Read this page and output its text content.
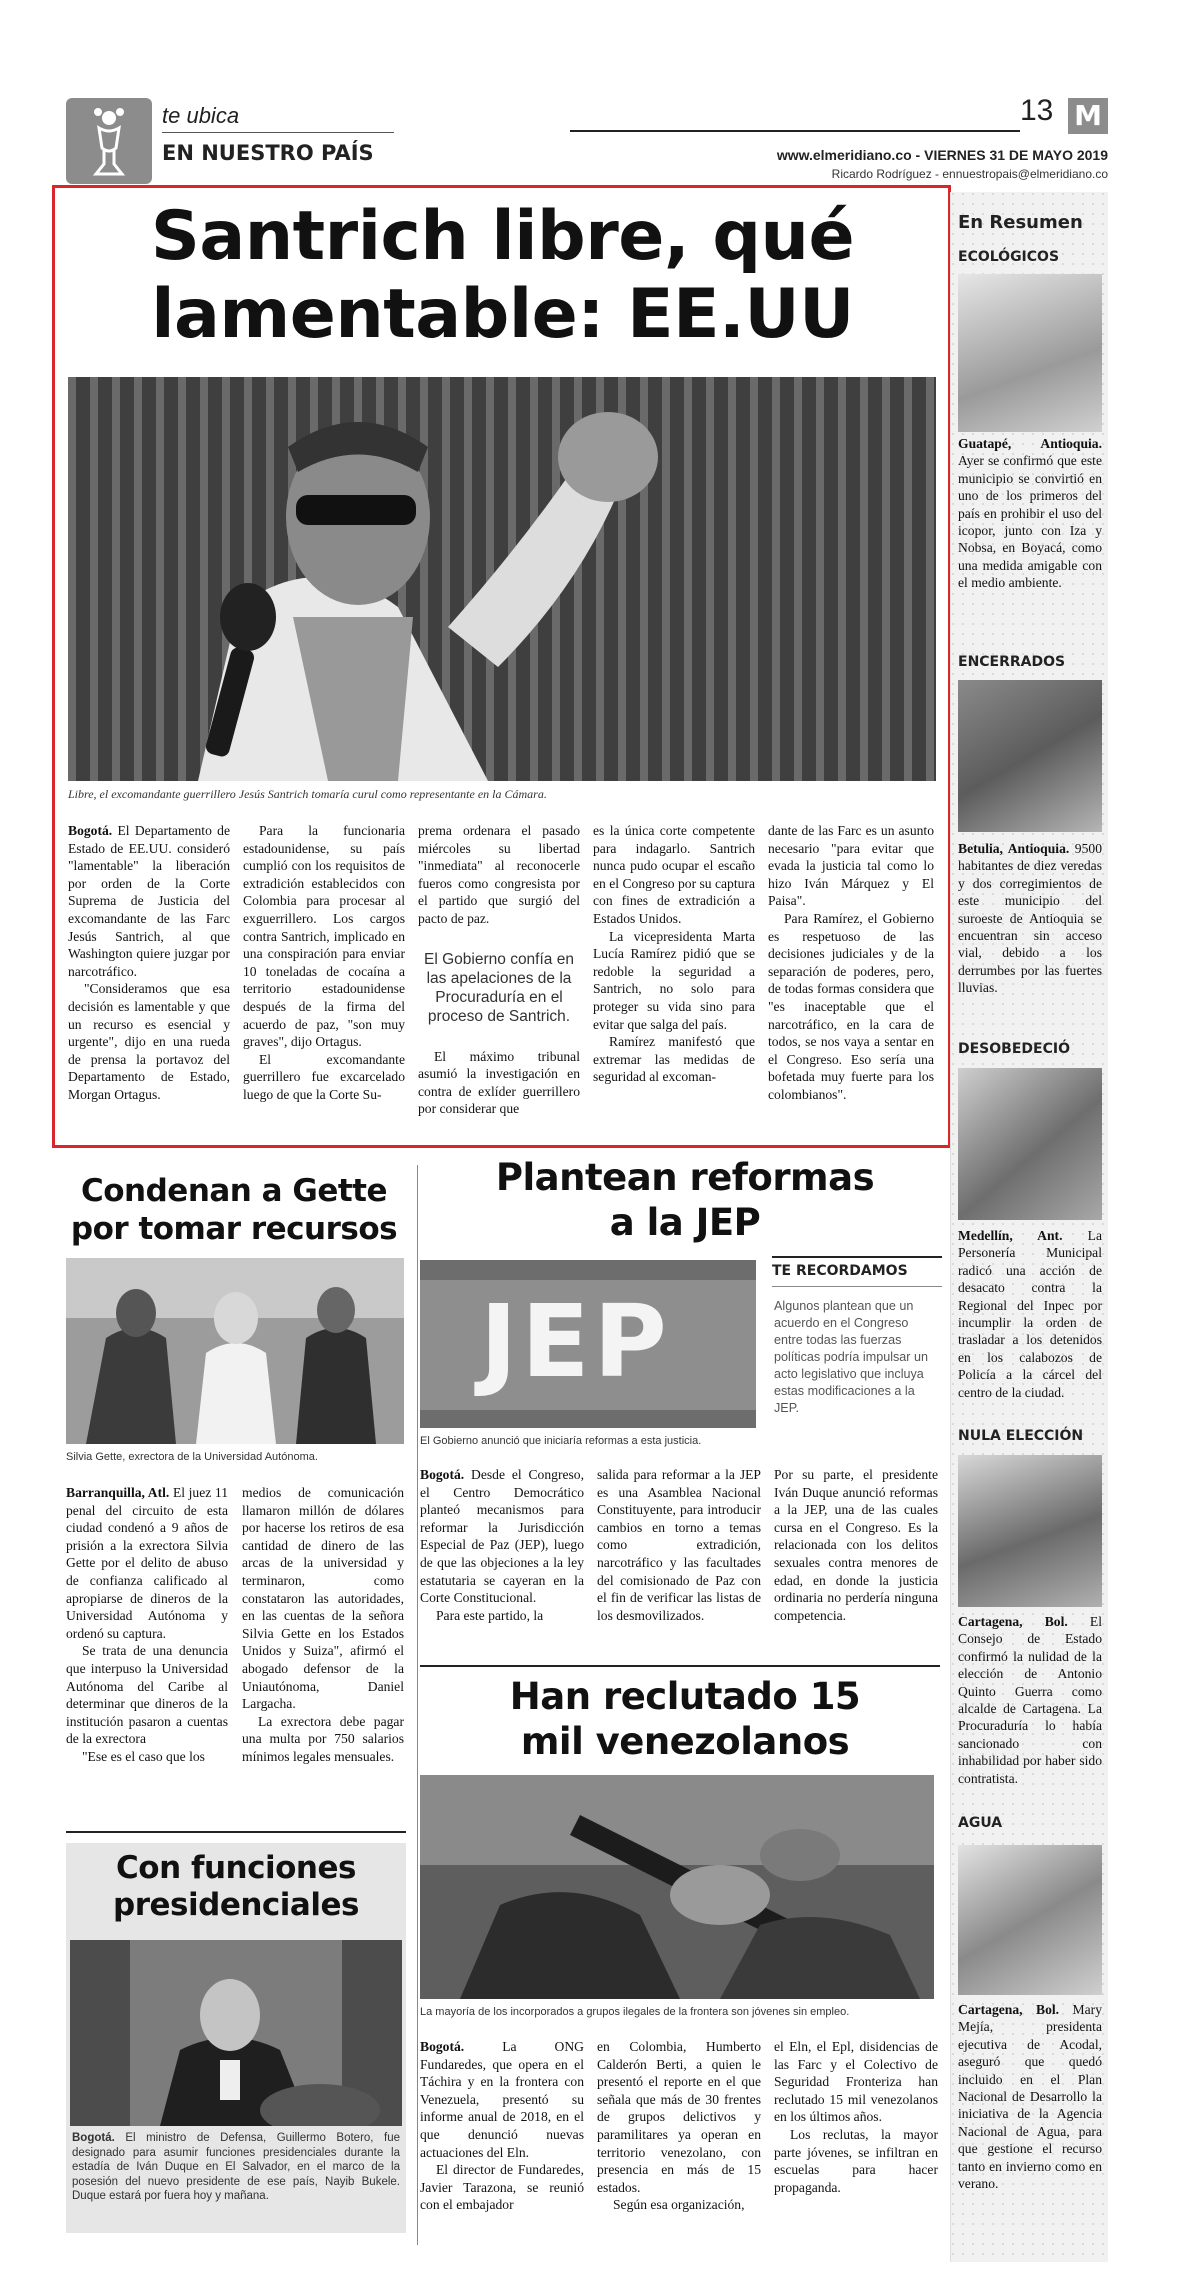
te ubica
EN NUESTRO PAÍS
13 M
www.elmeridiano.co - VIERNES 31 DE MAYO 2019
Ricardo Rodríguez - ennuestropais@elmeridiano.co
Santrich libre, qué
lamentable: EE.UU
Libre, el excomandante guerrillero Jesús Santrich tomaría curul como representante en la Cámara.

Bogotá. El Departamento de Estado de EE.UU. consideró "lamentable" la liberación por orden de la Corte Suprema de Justicia del excomandante de las Farc Jesús Santrich, al que Washington quiere juzgar por narcotráfico.

"Consideramos que esa decisión es lamentable y que un recurso es esencial y urgente", dijo en una rueda de prensa la portavoz del Departamento de Estado, Morgan Ortagus.

Para la funcionaria estadounidense, su país cumplió con los requisitos de extradición establecidos con Colombia para procesar al exguerrillero. Los cargos contra Santrich, implicado en una conspiración para enviar 10 toneladas de cocaína a territorio estadounidense después de la firma del acuerdo de paz, "son muy graves", dijo Ortagus.

El excomandante guerrillero fue excarcelado luego de que la Corte Su-

prema ordenara el pasado miércoles su libertad "inmediata" al reconocerle fueros como congresista por el partido que surgió del pacto de paz.

El Gobierno confía en las apelaciones de la Procuraduría en el proceso de Santrich.

El máximo tribunal asumió la investigación en contra de exlíder guerrillero por considerar que

es la única corte competente para indagarlo. Santrich nunca pudo ocupar el escaño en el Congreso por su captura con fines de extradición a Estados Unidos.

La vicepresidenta Marta Lucía Ramírez pidió que se redoble la seguridad a Santrich, no solo para proteger su vida sino para evitar que salga del país.

Ramírez manifestó que extremar las medidas de seguridad al excoman-

dante de las Farc es un asunto necesario "para evitar que evada la justicia tal como lo hizo Iván Márquez y El Paisa".

Para Ramírez, el Gobierno es respetuoso de las decisiones judiciales y de la separación de poderes, pero, de todas formas considera que "es inaceptable que el narcotráfico, en la cara de todos, se nos vaya a sentar en el Congreso. Eso sería una bofetada muy fuerte para los colombianos".

Condenan a Gette
por tomar recursos
Silvia Gette, exrectora de la Universidad Autónoma.

Barranquilla, Atl. El juez 11 penal del circuito de esta ciudad condenó a 9 años de prisión a la exrectora Silvia Gette por el delito de abuso de confianza calificado al apropiarse de dineros de la Universidad Autónoma y ordenó su captura.

Se trata de una denuncia que interpuso la Universidad Autónoma del Caribe al determinar que dineros de la institución pasaron a cuentas de la exrectora

"Ese es el caso que los

medios de comunicación llamaron millón de dólares por hacerse los retiros de esa cantidad de dinero de las arcas de la universidad y terminaron, como constataron las autoridades, en las cuentas de la señora Silvia Gette en los Estados Unidos y Suiza", afirmó el abogado defensor de la Uniautónoma, Daniel Largacha.

La exrectora debe pagar una multa por 750 salarios mínimos legales mensuales.

Con funciones
presidenciales
Bogotá. El ministro de Defensa, Guillermo Botero, fue designado para asumir funciones presidenciales durante la estadía de Iván Duque en El Salvador, en el marco de la posesión del nuevo presidente de ese país, Nayib Bukele. Duque estará por fuera hoy y mañana.
Plantean reformas
a la JEP
JEP
El Gobierno anunció que iniciaría reformas a esta justicia.
TE RECORDAMOS
Algunos plantean que un acuerdo en el Congreso entre todas las fuerzas políticas podría impulsar un acto legislativo que incluya estas modificaciones a la JEP.

Bogotá. Desde el Congreso, el Centro Democrático planteó mecanismos para reformar la Jurisdicción Especial de Paz (JEP), luego de que las objeciones a la ley estatutaria se cayeran en la Corte Constitucional.

Para este partido, la

salida para reformar a la JEP es una Asamblea Nacional Constituyente, para introducir cambios en torno a temas como extradición, narcotráfico y las facultades del comisionado de Paz con el fin de verificar las listas de los desmovilizados.

Por su parte, el presidente Iván Duque anunció reformas a la JEP, una de las cuales cursa en el Congreso. Es la relacionada con los delitos sexuales contra menores de edad, en donde la justicia ordinaria no perdería ninguna competencia.

Han reclutado 15
mil venezolanos
La mayoría de los incorporados a grupos ilegales de la frontera son jóvenes sin empleo.

Bogotá. La ONG Fundaredes, que opera en el Táchira y en la frontera con Venezuela, presentó su informe anual de 2018, en el que denunció nuevas actuaciones del Eln.

El director de Fundaredes, Javier Tarazona, se reunió con el embajador

en Colombia, Humberto Calderón Berti, a quien le presentó el reporte en el que señala que más de 30 frentes de grupos delictivos y paramilitares ya operan en territorio venezolano, con presencia en más de 15 estados.

Según esa organización,

el Eln, el Epl, disidencias de las Farc y el Colectivo de Seguridad Fronteriza han reclutado 15 mil venezolanos en los últimos años.

Los reclutas, la mayor parte jóvenes, se infiltran en escuelas para hacer propaganda.

En Resumen
ECOLÓGICOS
Guatapé, Antioquia. Ayer se confirmó que este municipio se convirtió en uno de los primeros del país en prohibir el uso del icopor, junto con Iza y Nobsa, en Boyacá, como una medida amigable con el medio ambiente.
ENCERRADOS
Betulia, Antioquia. 9500 habitantes de diez veredas y dos corregimientos de este municipio del suroeste de Antioquia se encuentran sin acceso vial, debido a los derrumbes por las fuertes lluvias.
DESOBEDECIÓ
Medellín, Ant. La Personería Municipal radicó una acción de desacato contra la Regional del Inpec por incumplir la orden de trasladar a los detenidos en los calabozos de Policía a la cárcel del centro de la ciudad.
NULA ELECCIÓN
Cartagena, Bol. El Consejo de Estado confirmó la nulidad de la elección de Antonio Quinto Guerra como alcalde de Cartagena. La Procuraduría lo había sancionado con inhabilidad por haber sido contratista.
AGUA
Cartagena, Bol. Mary Mejía, presidenta ejecutiva de Acodal, aseguró que quedó incluido en el Plan Nacional de Desarrollo la iniciativa de la Agencia Nacional de Agua, para que gestione el recurso tanto en invierno como en verano.
